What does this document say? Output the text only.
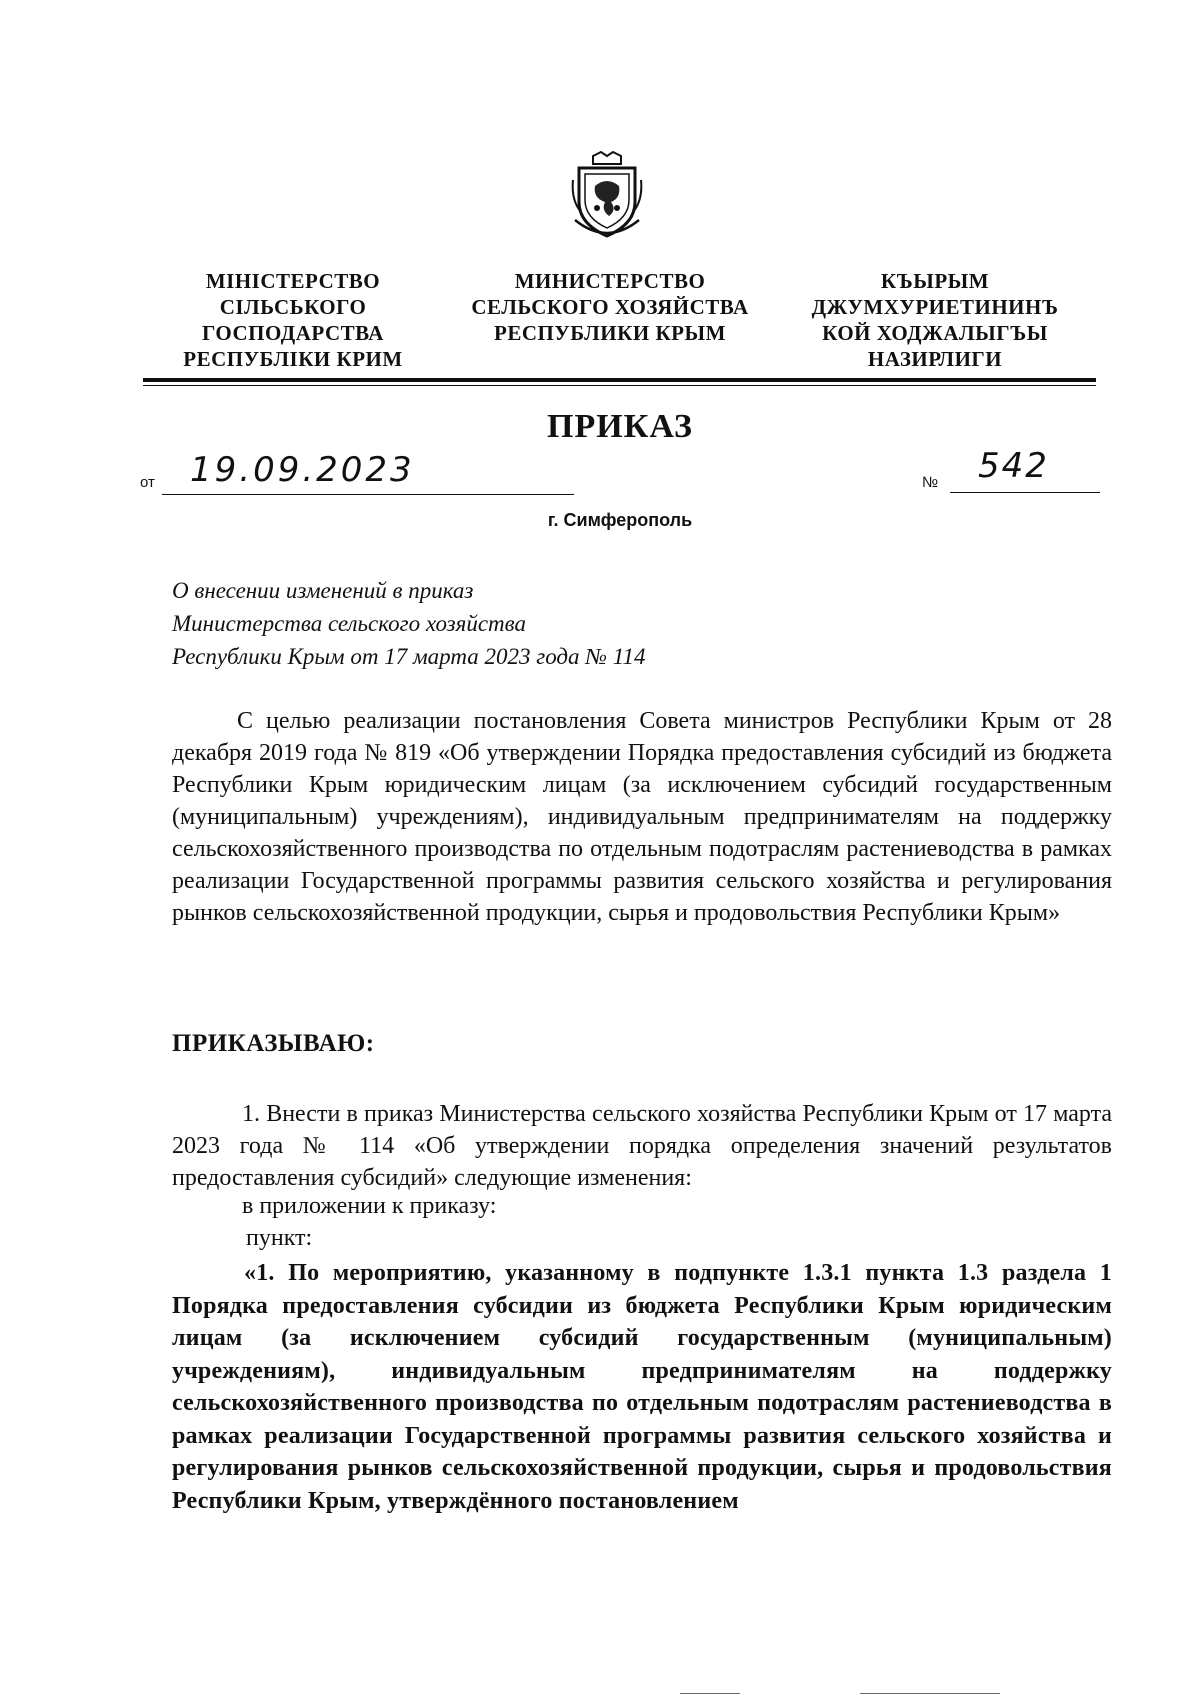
МІНІСТЕРСТВО
СІЛЬСЬКОГО
ГОСПОДАРСТВА
РЕСПУБЛІКИ КРИМ
МИНИСТЕРСТВО
СЕЛЬСКОГО ХОЗЯЙСТВА
РЕСПУБЛИКИ КРЫМ
КЪЫРЫМ
ДЖУМХУРИЕТИНИНЪ
КОЙ ХОДЖАЛЫГЪЫ
НАЗИРЛИГИ
ПРИКАЗ
от 19.09.2023	№ 542
г. Симферополь
О внесении изменений в приказ
Министерства сельского хозяйства
Республики Крым от 17 марта 2023 года № 114
С целью реализации постановления Совета министров Республики Крым от 28 декабря 2019 года № 819 «Об утверждении Порядка предоставления субсидий из бюджета Республики Крым юридическим лицам (за исключением субсидий государственным (муниципальным) учреждениям), индивидуальным предпринимателям на поддержку сельскохозяйственного производства по отдельным подотраслям растениеводства в рамках реализации Государственной программы развития сельского хозяйства и регулирования рынков сельскохозяйственной продукции, сырья и продовольствия Республики Крым»
ПРИКАЗЫВАЮ:
1. Внести в приказ Министерства сельского хозяйства Республики Крым от 17 марта 2023 года № 114 «Об утверждении порядка определения значений результатов предоставления субсидий» следующие изменения:
в приложении к приказу:
пункт:
«1. По мероприятию, указанному в подпункте 1.3.1 пункта 1.3 раздела 1 Порядка предоставления субсидии из бюджета Республики Крым юридическим лицам (за исключением субсидий государственным (муниципальным) учреждениям), индивидуальным предпринимателям на поддержку сельскохозяйственного производства по отдельным подотраслям растениеводства в рамках реализации Государственной программы развития сельского хозяйства и регулирования рынков сельскохозяйственной продукции, сырья и продовольствия Республики Крым, утверждённого постановлением
